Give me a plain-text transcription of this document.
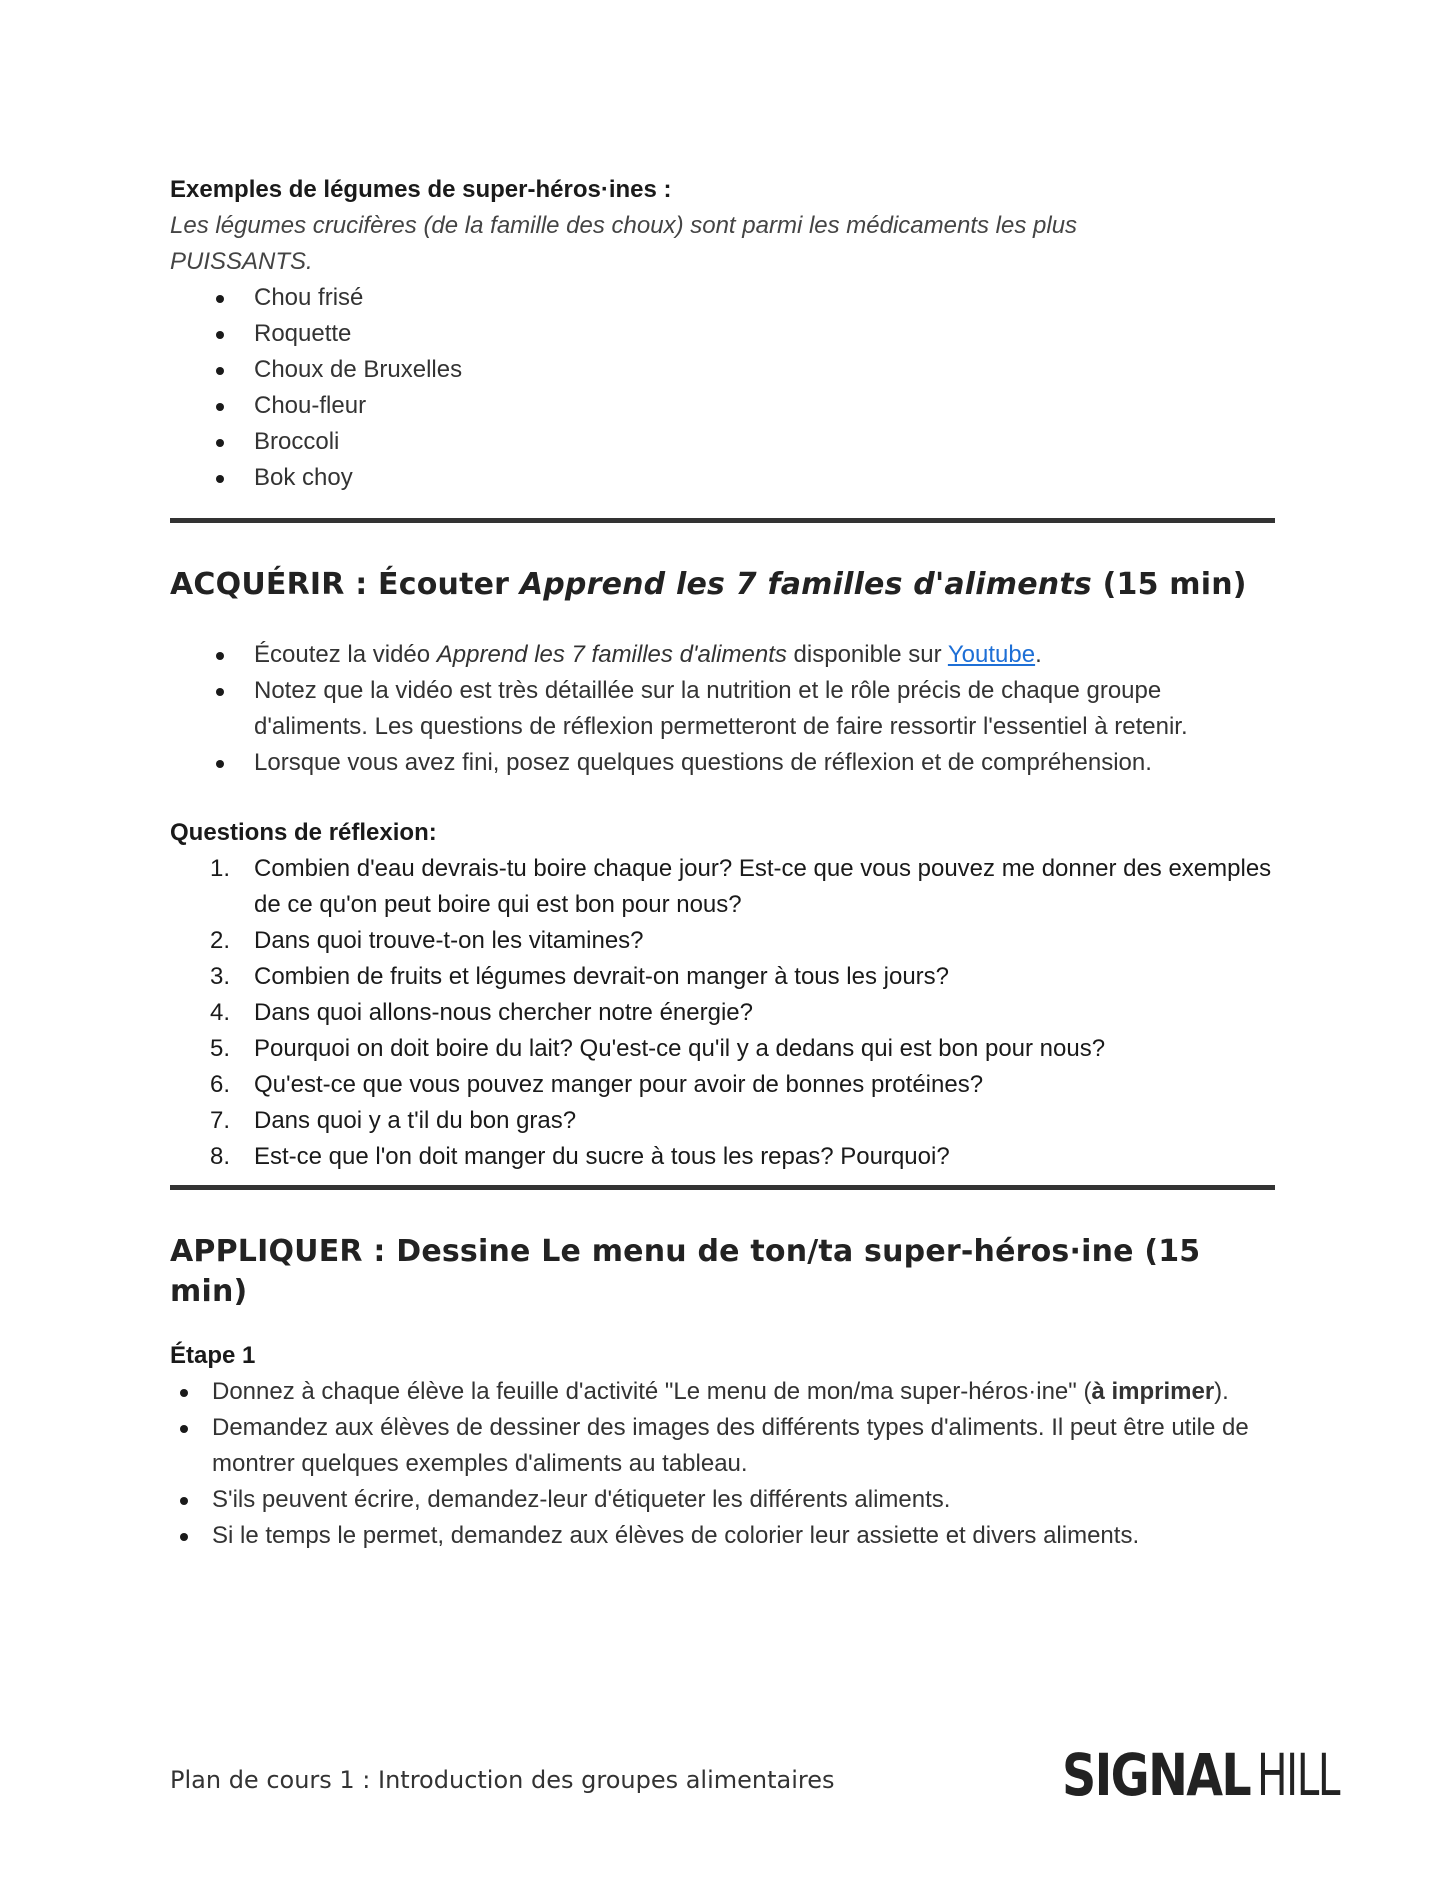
Exemples de légumes de super-héros·ines :
Les légumes crucifères (de la famille des choux) sont parmi les médicaments les plus PUISSANTS.
Chou frisé
Roquette
Choux de Bruxelles
Chou-fleur
Broccoli
Bok choy
ACQUÉRIR : Écouter Apprend les 7 familles d'aliments (15 min)
Écoutez la vidéo Apprend les 7 familles d'aliments disponible sur Youtube.
Notez que la vidéo est très détaillée sur la nutrition et le rôle précis de chaque groupe d'aliments. Les questions de réflexion permetteront de faire ressortir l'essentiel à retenir.
Lorsque vous avez fini, posez quelques questions de réflexion et de compréhension.
Questions de réflexion:
Combien d'eau devrais-tu boire chaque jour? Est-ce que vous pouvez me donner des exemples de ce qu'on peut boire qui est bon pour nous?
Dans quoi trouve-t-on les vitamines?
Combien de fruits et légumes devrait-on manger à tous les jours?
Dans quoi allons-nous chercher notre énergie?
Pourquoi on doit boire du lait? Qu'est-ce qu'il y a dedans qui est bon pour nous?
Qu'est-ce que vous pouvez manger pour avoir de bonnes protéines?
Dans quoi y a t'il du bon gras?
Est-ce que l'on doit manger du sucre à tous les repas? Pourquoi?
APPLIQUER : Dessine Le menu de ton/ta super-héros·ine (15 min)
Étape 1
Donnez à chaque élève la feuille d'activité "Le menu de mon/ma super-héros·ine" (à imprimer).
Demandez aux élèves de dessiner des images des différents types d'aliments. Il peut être utile de montrer quelques exemples d'aliments au tableau.
S'ils peuvent écrire, demandez-leur d'étiqueter les différents aliments.
Si le temps le permet, demandez aux élèves de colorier leur assiette et divers aliments.
Plan de cours 1 : Introduction des groupes alimentaires	SIGNAL HILL
